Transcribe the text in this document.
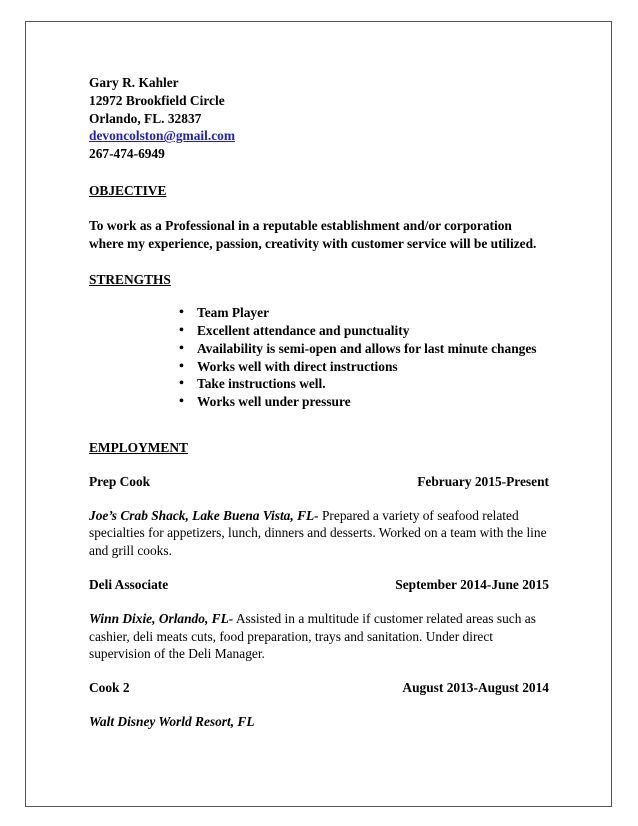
Gary R. Kahler
12972 Brookfield Circle
Orlando, FL. 32837
devoncolston@gmail.com
267-474-6949
OBJECTIVE
To work as a Professional in a reputable establishment and/or corporation where my experience, passion, creativity with customer service will be utilized.
STRENGTHS
• Team Player
• Excellent attendance and punctuality
• Availability is semi-open and allows for last minute changes
• Works well with direct instructions
• Take instructions well.
• Works well under pressure
EMPLOYMENT
Prep Cook	February 2015-Present
Joe’s Crab Shack, Lake Buena Vista, FL- Prepared a variety of seafood related specialties for appetizers, lunch, dinners and desserts. Worked on a team with the line and grill cooks.
Deli Associate	September 2014-June 2015
Winn Dixie, Orlando, FL- Assisted in a multitude if customer related areas such as cashier, deli meats cuts, food preparation, trays and sanitation. Under direct supervision of the Deli Manager.
Cook 2	August 2013-August 2014
Walt Disney World Resort, FL
